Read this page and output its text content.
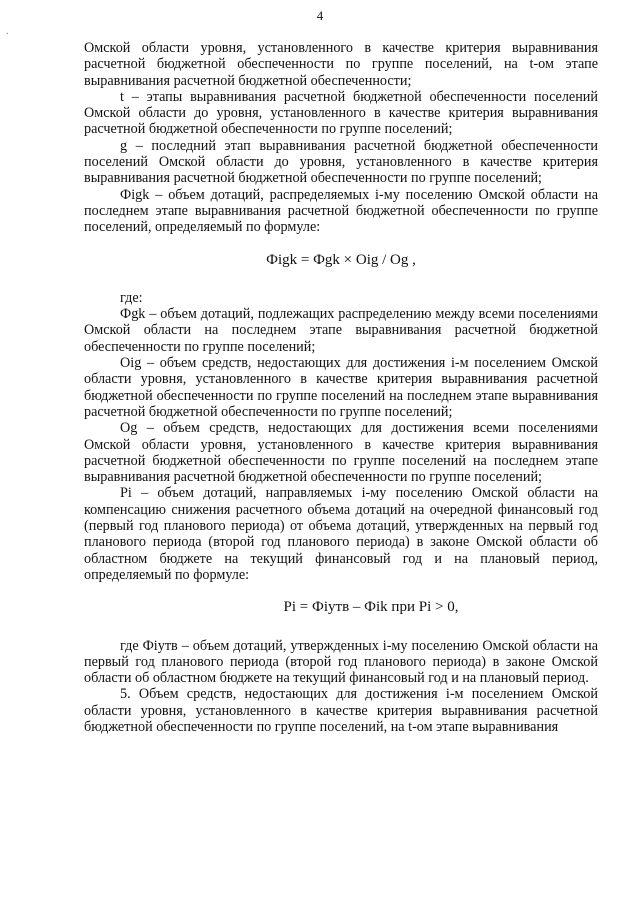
.
4

Омской области уровня, установленного в качестве критерия выравнивания расчетной бюджетной обеспеченности по группе поселений, на t-ом этапе выравнивания расчетной бюджетной обеспеченности;

t – этапы выравнивания расчетной бюджетной обеспеченности поселений Омской области до уровня, установленного в качестве критерия выравнивания расчетной бюджетной обеспеченности по группе поселений;

g – последний этап выравнивания расчетной бюджетной обеспеченности поселений Омской области до уровня, установленного в качестве критерия выравнивания расчетной бюджетной обеспеченности по группе поселений;

Фigk – объем дотаций, распределяемых i-му поселению Омской области на последнем этапе выравнивания расчетной бюджетной обеспеченности по группе поселений, определяемый по формуле:

Фigk = Фgk × Oig / Og ,

где:

Фgk – объем дотаций, подлежащих распределению между всеми поселениями Омской области на последнем этапе выравнивания расчетной бюджетной обеспеченности по группе поселений;

Oig – объем средств, недостающих для достижения i-м поселением Омской области уровня, установленного в качестве критерия выравнивания расчетной бюджетной обеспеченности по группе поселений на последнем этапе выравнивания расчетной бюджетной обеспеченности по группе поселений;

Og – объем средств, недостающих для достижения всеми поселениями Омской области уровня, установленного в качестве критерия выравнивания расчетной бюджетной обеспеченности по группе поселений на последнем этапе выравнивания расчетной бюджетной обеспеченности по группе поселений;

Pi – объем дотаций, направляемых i-му поселению Омской области на компенсацию снижения расчетного объема дотаций на очередной финансовый год (первый год планового периода) от объема дотаций, утвержденных на первый год планового периода (второй год планового периода) в законе Омской области об областном бюджете на текущий финансовый год и на плановый период, определяемый по формуле:

Pi = Фiутв – Фik при Pi > 0,

где Фiутв – объем дотаций, утвержденных i-му поселению Омской области на первый год планового периода (второй год планового периода) в законе Омской области об областном бюджете на текущий финансовый год и на плановый период.

5. Объем средств, недостающих для достижения i-м поселением Омской области уровня, установленного в качестве критерия выравнивания расчетной бюджетной обеспеченности по группе поселений, на t-ом этапе выравнивания
